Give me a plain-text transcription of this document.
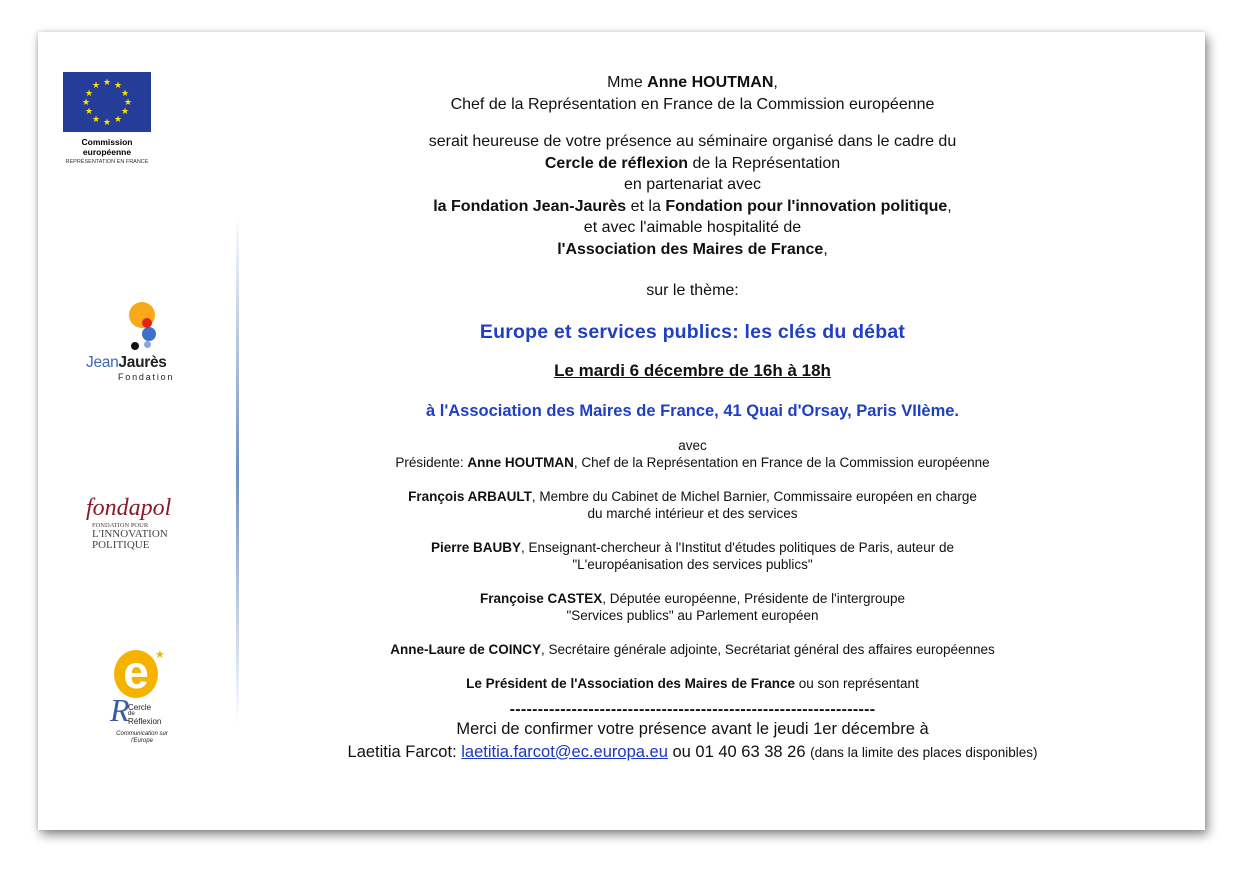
★ ★
★
★
★
★
★
★
★
★
★
★
Commission européenne
REPRÉSENTATION EN FRANCE
JeanJaurès
Fondation
fondapol
FONDATION POUR
L'INNOVATION
POLITIQUE
e ★
R
Cercle
de
Réflexion
Communication sur l'Europe
Mme Anne HOUTMAN,
Chef de la Représentation en France de la Commission européenne
serait heureuse de votre présence au séminaire organisé dans le cadre du
Cercle de réflexion de la Représentation
en partenariat avec
la Fondation Jean-Jaurès et la Fondation pour l'innovation politique,
et avec l'aimable hospitalité de
l'Association des Maires de France,
sur le thème:
Europe et services publics: les clés du débat
Le mardi 6 décembre de 16h à 18h
à l'Association des Maires de France, 41 Quai d'Orsay, Paris VIIème.
avec
Présidente: Anne HOUTMAN, Chef de la Représentation en France de la Commission européenne
François ARBAULT, Membre du Cabinet de Michel Barnier, Commissaire européen en charge
du marché intérieur et des services
Pierre BAUBY, Enseignant-chercheur à l'Institut d'études politiques de Paris, auteur de
"L'européanisation des services publics"
Françoise CASTEX, Députée européenne, Présidente de l'intergroupe
"Services publics" au Parlement européen
Anne-Laure de COINCY, Secrétaire générale adjointe, Secrétariat général des affaires européennes
Le Président de l'Association des Maires de France ou son représentant
-----------------------------------------------------------------
Merci de confirmer votre présence avant le jeudi 1er décembre à
Laetitia Farcot: laetitia.farcot@ec.europa.eu ou 01 40 63 38 26 (dans la limite des places disponibles)
